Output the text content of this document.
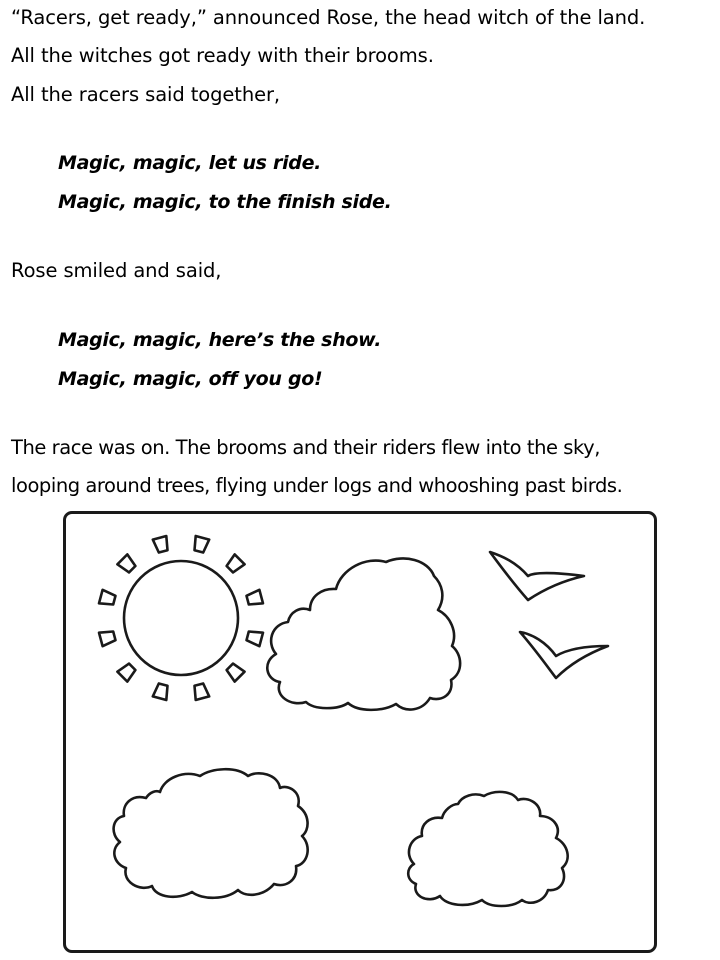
“Racers, get ready,” announced Rose, the head witch of the land.
All the witches got ready with their brooms.
All the racers said together,
Magic, magic, let us ride.
Magic, magic, to the finish side.
Rose smiled and said,
Magic, magic, here’s the show.
Magic, magic, off you go!
The race was on. The brooms and their riders flew into the sky,
looping around trees, flying under logs and whooshing past birds.
